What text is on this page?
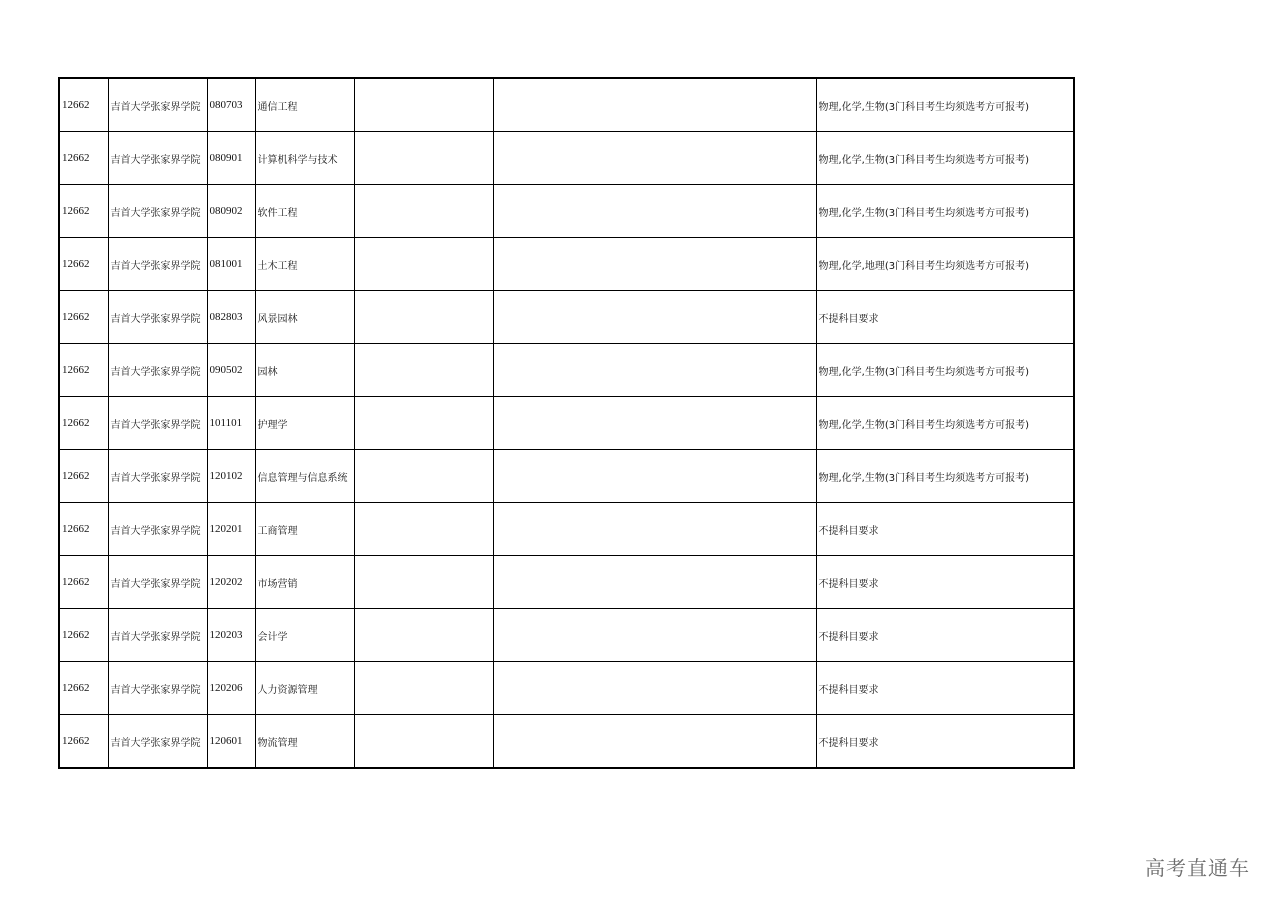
12662	吉首大学张家界学院	080703	通信工程			物理,化学,生物(3门科目考生均须选考方可报考)
12662	吉首大学张家界学院	080901	计算机科学与技术			物理,化学,生物(3门科目考生均须选考方可报考)
12662	吉首大学张家界学院	080902	软件工程			物理,化学,生物(3门科目考生均须选考方可报考)
12662	吉首大学张家界学院	081001	土木工程			物理,化学,地理(3门科目考生均须选考方可报考)
12662	吉首大学张家界学院	082803	风景园林			不提科目要求
12662	吉首大学张家界学院	090502	园林			物理,化学,生物(3门科目考生均须选考方可报考)
12662	吉首大学张家界学院	101101	护理学			物理,化学,生物(3门科目考生均须选考方可报考)
12662	吉首大学张家界学院	120102	信息管理与信息系统			物理,化学,生物(3门科目考生均须选考方可报考)
12662	吉首大学张家界学院	120201	工商管理			不提科目要求
12662	吉首大学张家界学院	120202	市场营销			不提科目要求
12662	吉首大学张家界学院	120203	会计学			不提科目要求
12662	吉首大学张家界学院	120206	人力资源管理			不提科目要求
12662	吉首大学张家界学院	120601	物流管理			不提科目要求
高考直通车
